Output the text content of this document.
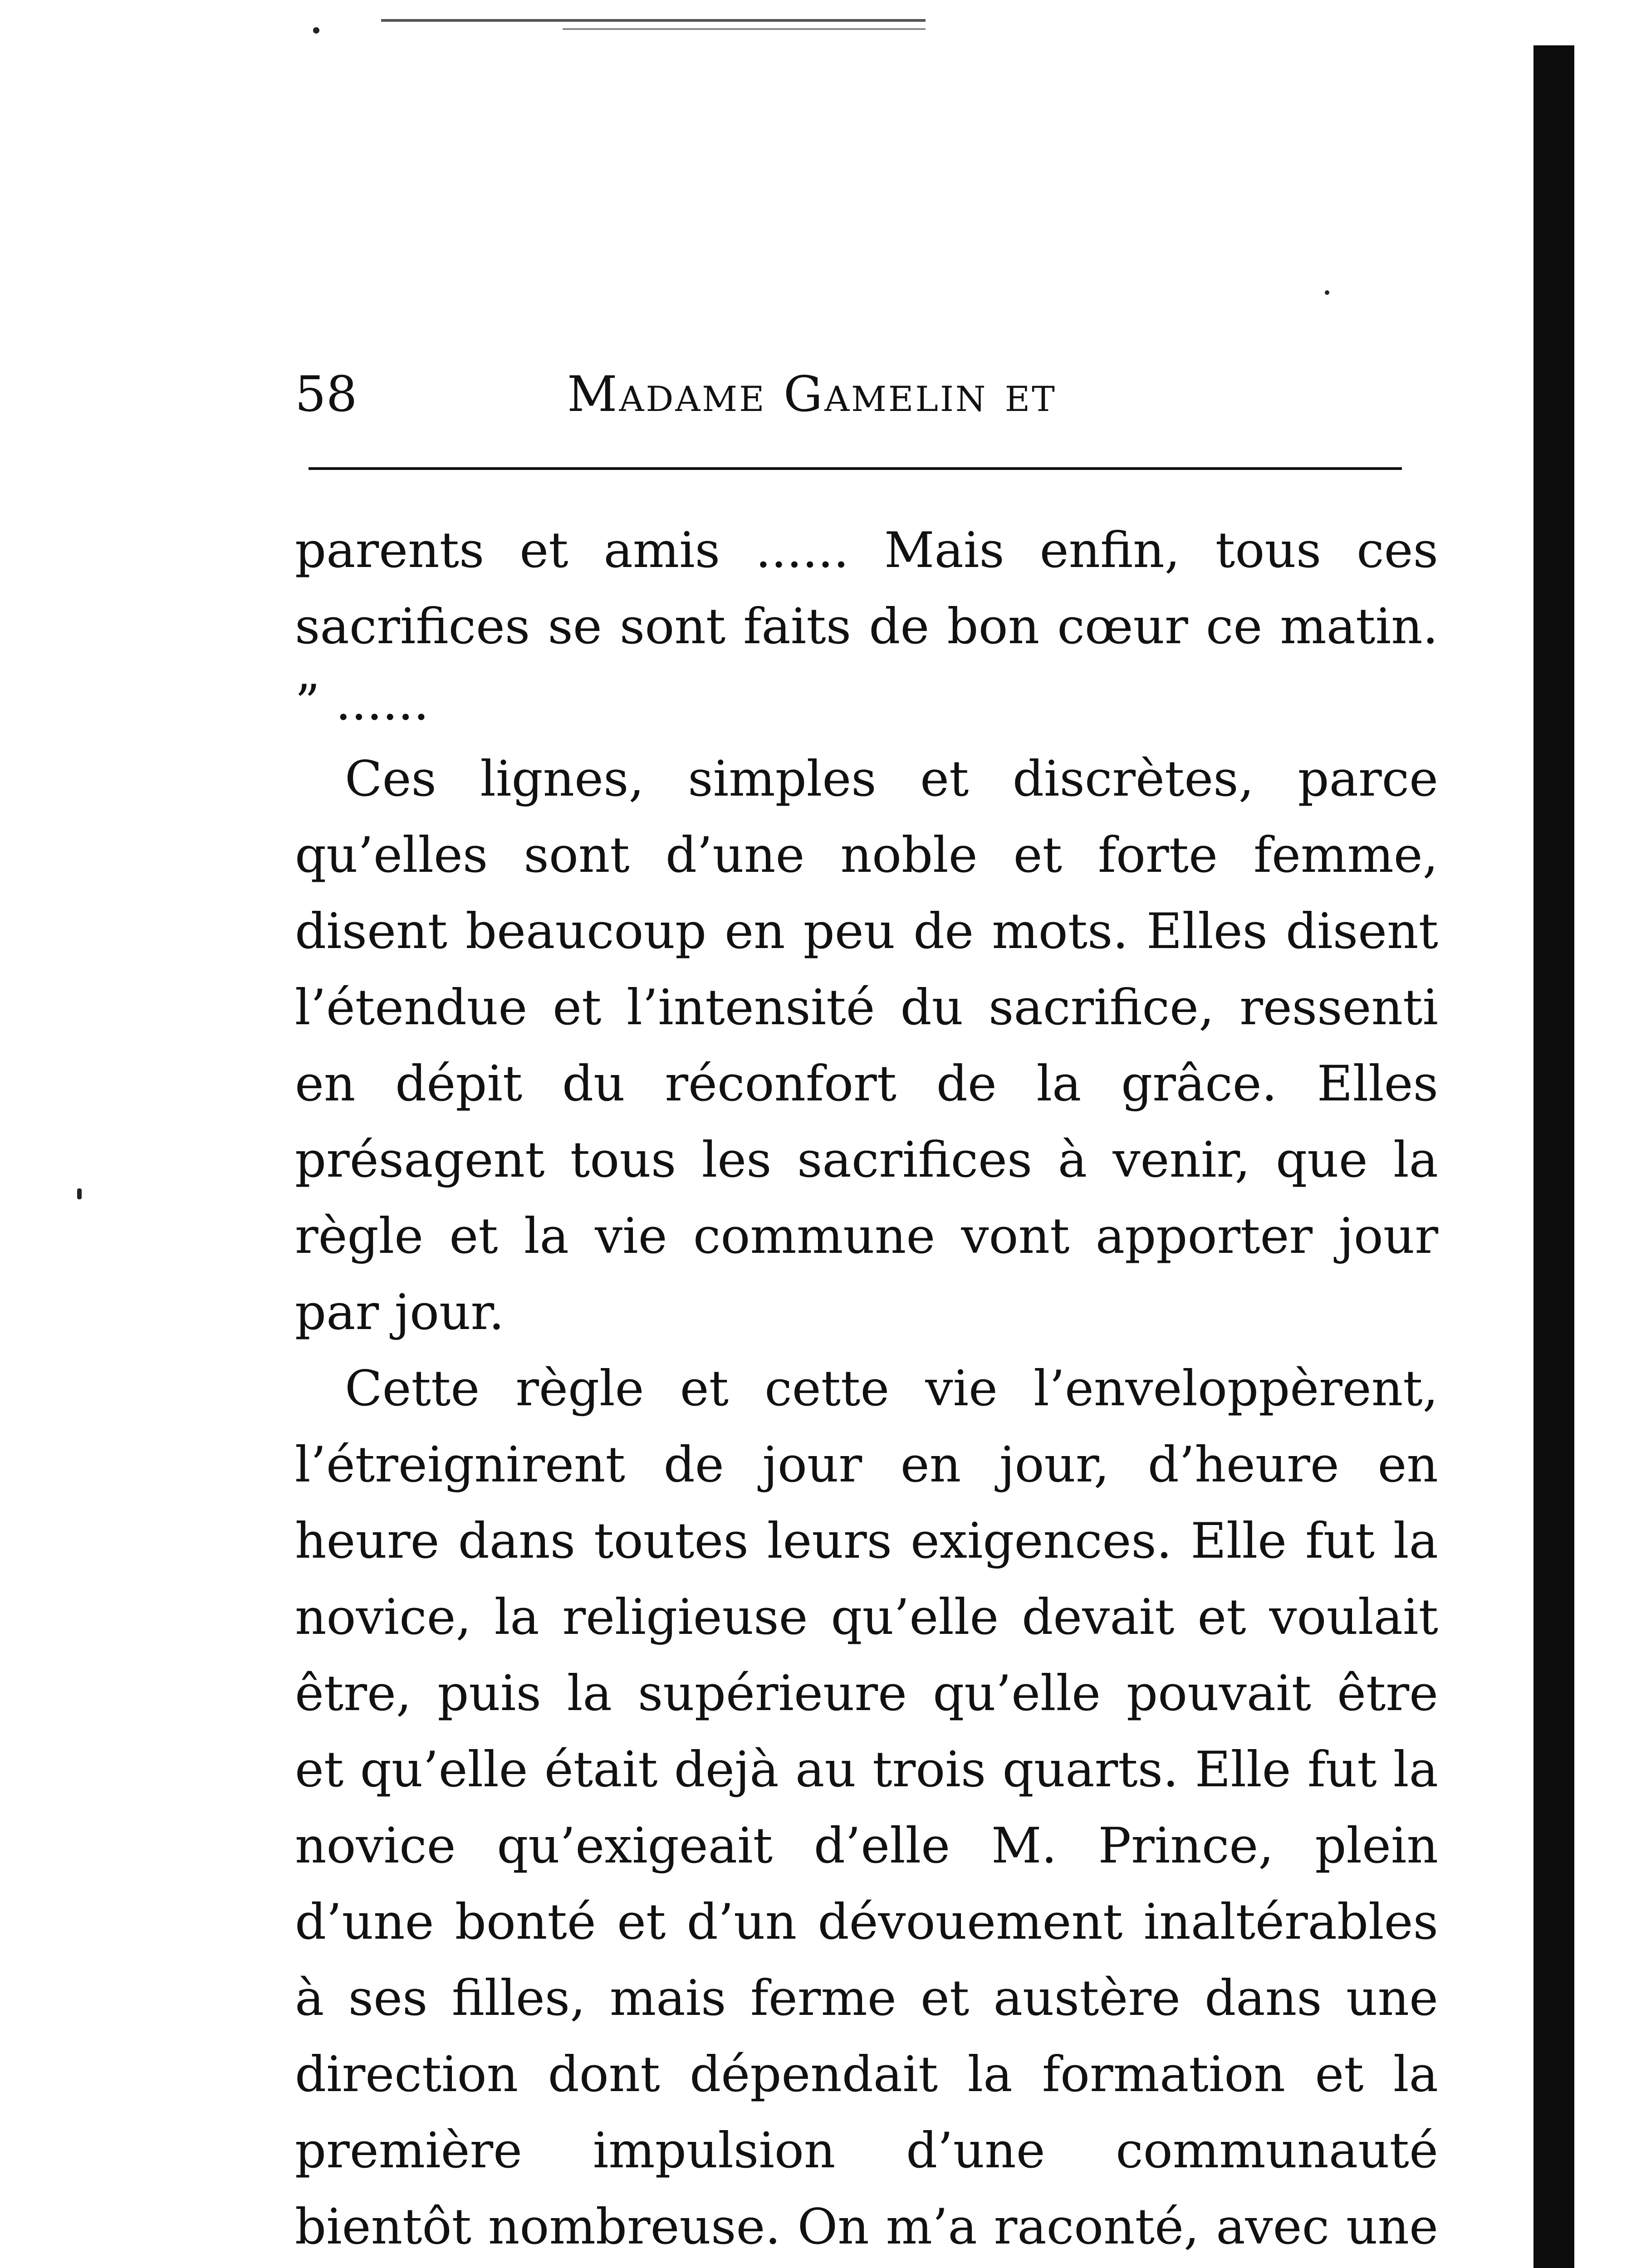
58	Madame Gamelin et

parents et amis ...... Mais enfin, tous ces sacrifices se sont faits de bon cœur ce matin. ” ......

Ces lignes, simples et discrètes, parce qu’elles sont d’une noble et forte femme, disent beaucoup en peu de mots. Elles disent l’étendue et l’intensité du sacrifice, ressenti en dépit du réconfort de la grâce. Elles présagent tous les sacrifices à venir, que la règle et la vie commune vont apporter jour par jour.

Cette règle et cette vie l’enveloppèrent, l’étreignirent de jour en jour, d’heure en heure dans toutes leurs exigences. Elle fut la novice, la religieuse qu’elle devait et voulait être, puis la supérieure qu’elle pouvait être et qu’elle était dejà au trois quarts. Elle fut la novice qu’exigeait d’elle M. Prince, plein d’une bonté et d’un dévouement inaltérables à ses filles, mais ferme et austère dans une direction dont dépendait la formation et la première impulsion d’une communauté bientôt nombreuse. On m’a raconté, avec une
